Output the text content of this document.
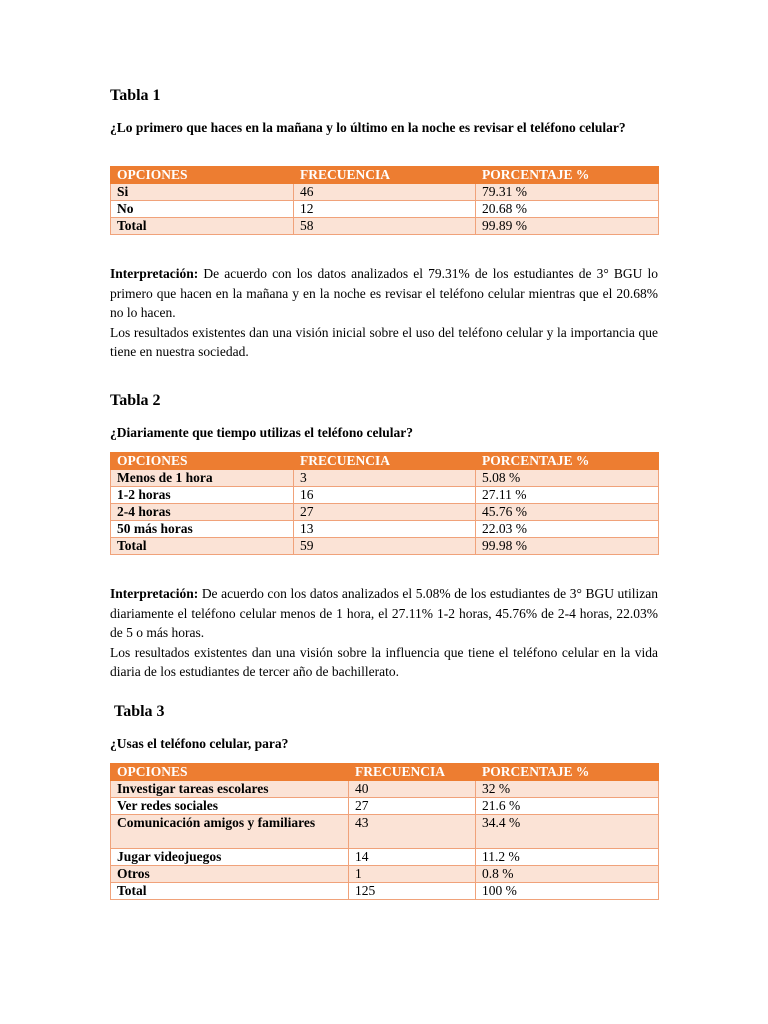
Tabla 1
¿Lo primero que haces en la mañana y lo último en la noche es revisar el teléfono celular?
OPCIONES	FRECUENCIA	PORCENTAJE %
Si	46	79.31 %
No	12	20.68 %
Total	58	99.89 %
Interpretación: De acuerdo con los datos analizados el 79.31% de los estudiantes de 3° BGU lo primero que hacen en la mañana y en la noche es revisar el teléfono celular mientras que el 20.68% no lo hacen.
Los resultados existentes dan una visión inicial sobre el uso del teléfono celular y la importancia que tiene en nuestra sociedad.
Tabla 2
¿Diariamente que tiempo utilizas el teléfono celular?
OPCIONES	FRECUENCIA	PORCENTAJE %
Menos de 1 hora	3	5.08 %
1-2 horas	16	27.11 %
2-4 horas	27	45.76 %
50 más horas	13	22.03 %
Total	59	99.98 %
Interpretación: De acuerdo con los datos analizados el 5.08% de los estudiantes de 3° BGU utilizan diariamente el teléfono celular menos de 1 hora, el 27.11% 1-2 horas, 45.76% de 2-4 horas, 22.03% de 5 o más horas.
Los resultados existentes dan una visión sobre la influencia que tiene el teléfono celular en la vida diaria de los estudiantes de tercer año de bachillerato.
Tabla 3
¿Usas el teléfono celular, para?
OPCIONES	FRECUENCIA	PORCENTAJE %
Investigar tareas escolares	40	32 %
Ver redes sociales	27	21.6 %
Comunicación amigos y familiares	43	34.4 %
Jugar videojuegos	14	11.2 %
Otros	1	0.8 %
Total	125	100 %
